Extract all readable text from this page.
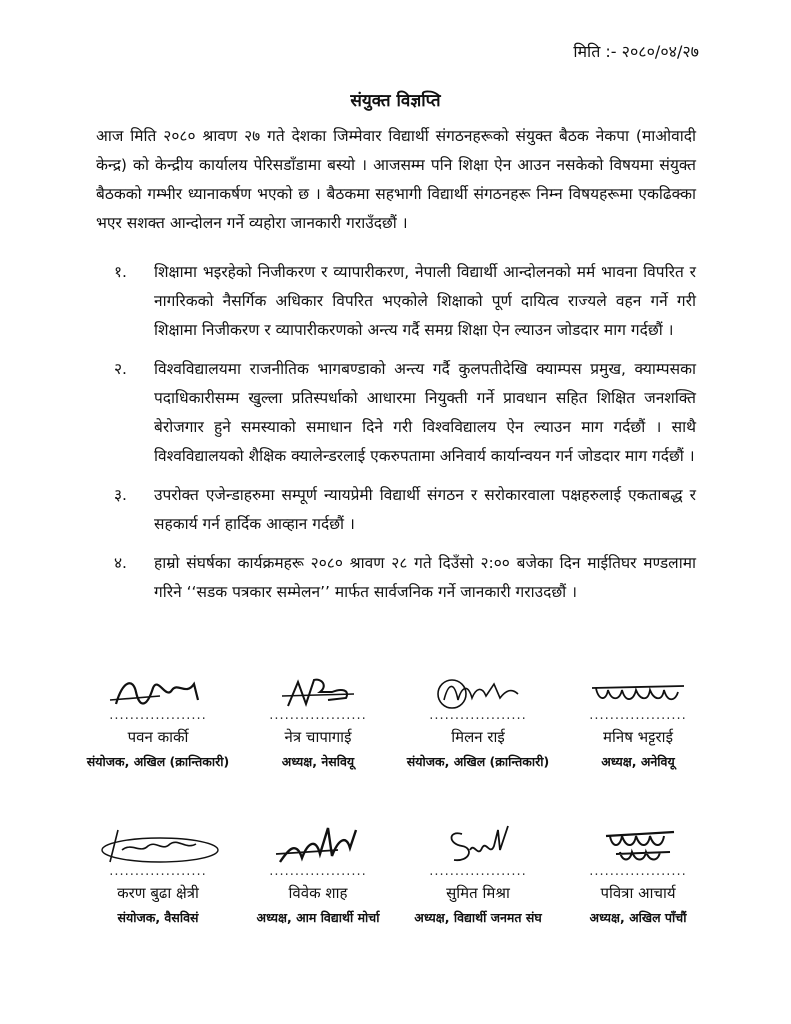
मिति :- २०८०/०४/२७
संयुक्त विज्ञप्ति
आज मिति २०८० श्रावण २७ गते देशका जिम्मेवार विद्यार्थी संगठनहरूको संयुक्त बैठक नेकपा (माओवादी केन्द्र) को केन्द्रीय कार्यालय पेरिसडाँडामा बस्यो । आजसम्म पनि शिक्षा ऐन आउन नसकेको विषयमा संयुक्त बैठकको गम्भीर ध्यानाकर्षण भएको छ । बैठकमा सहभागी विद्यार्थी संगठनहरू निम्न विषयहरूमा एकढिक्का भएर सशक्त आन्दोलन गर्ने व्यहोरा जानकारी गराउँदछौं ।
१.	शिक्षामा भइरहेको निजीकरण र व्यापारीकरण, नेपाली विद्यार्थी आन्दोलनको मर्म भावना विपरित र नागरिकको नैसर्गिक अधिकार विपरित भएकोले शिक्षाको पूर्ण दायित्व राज्यले वहन गर्ने गरी शिक्षामा निजीकरण र व्यापारीकरणको अन्त्य गर्दै समग्र शिक्षा ऐन ल्याउन जोडदार माग गर्दछौं ।
२.	विश्वविद्यालयमा राजनीतिक भागबण्डाको अन्त्य गर्दै कुलपतीदेखि क्याम्पस प्रमुख, क्याम्पसका पदाधिकारीसम्म खुल्ला प्रतिस्पर्धाको आधारमा नियुक्ती गर्ने प्रावधान सहित शिक्षित जनशक्ति बेरोजगार हुने समस्याको समाधान दिने गरी विश्वविद्यालय ऐन ल्याउन माग गर्दछौं । साथै विश्वविद्यालयको शैक्षिक क्यालेन्डरलाई एकरुपतामा अनिवार्य कार्यान्वयन गर्न जोडदार माग गर्दछौं ।
३.	उपरोक्त एजेन्डाहरुमा सम्पूर्ण न्यायप्रेमी विद्यार्थी संगठन र सरोकारवाला पक्षहरुलाई एकताबद्ध र सहकार्य गर्न हार्दिक आव्हान गर्दछौं ।
४.	हाम्रो संघर्षका कार्यक्रमहरू २०८० श्रावण २८ गते दिउँसो २:०० बजेका दिन माईतिघर मण्डलामा गरिने ‘‘सडक पत्रकार सम्मेलन’’ मार्फत सार्वजनिक गर्ने जानकारी गराउदछौं ।
...................
पवन कार्की
संयोजक, अखिल (क्रान्तिकारी)
...................
नेत्र चापागाई
अध्यक्ष, नेसवियू
...................
मिलन राई
संयोजक, अखिल (क्रान्तिकारी)
...................
मनिष भट्टराई
अध्यक्ष, अनेवियू
...................
करण बुढा क्षेत्री
संयोजक, वैसविसं
...................
विवेक शाह
अध्यक्ष, आम विद्यार्थी मोर्चा
...................
सुमित मिश्रा
अध्यक्ष, विद्यार्थी जनमत संघ
...................
पवित्रा आचार्य
अध्यक्ष, अखिल पाँचौं
